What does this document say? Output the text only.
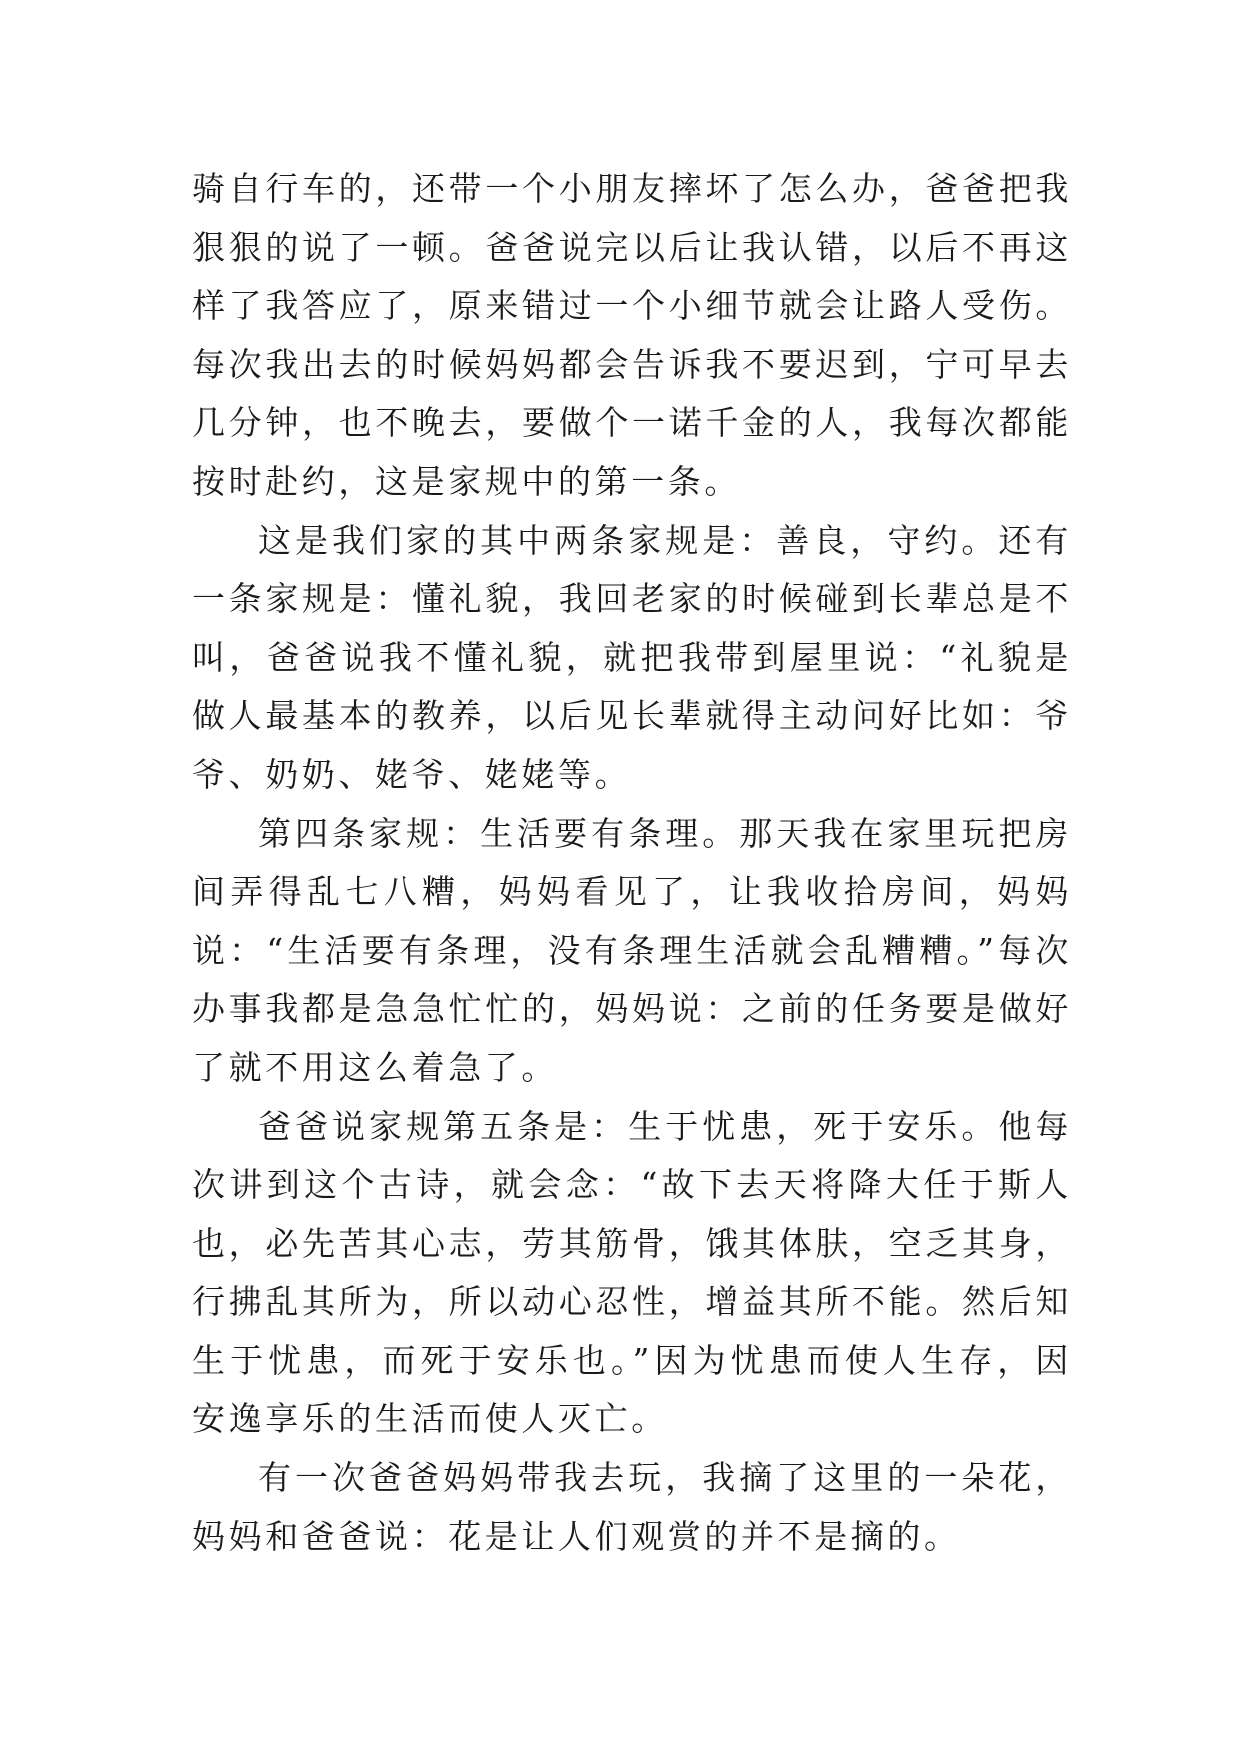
骑自行车的，还带一个小朋友摔坏了怎么办，爸爸把我狠狠的说了一顿。爸爸说完以后让我认错，以后不再这样了我答应了，原来错过一个小细节就会让路人受伤。每次我出去的时候妈妈都会告诉我不要迟到，宁可早去几分钟，也不晚去，要做个一诺千金的人，我每次都能按时赴约，这是家规中的第一条。

这是我们家的其中两条家规是：善良，守约。还有一条家规是：懂礼貌，我回老家的时候碰到长辈总是不叫，爸爸说我不懂礼貌，就把我带到屋里说：“礼貌是做人最基本的教养，以后见长辈就得主动问好比如：爷爷、奶奶、姥爷、姥姥等。

第四条家规：生活要有条理。那天我在家里玩把房间弄得乱七八糟，妈妈看见了，让我收拾房间，妈妈说：“生活要有条理，没有条理生活就会乱糟糟。”每次办事我都是急急忙忙的，妈妈说：之前的任务要是做好了就不用这么着急了。

爸爸说家规第五条是：生于忧患，死于安乐。他每次讲到这个古诗，就会念：“故下去天将降大任于斯人也，必先苦其心志，劳其筋骨，饿其体肤，空乏其身，行拂乱其所为，所以动心忍性，增益其所不能。然后知生于忧患，而死于安乐也。”因为忧患而使人生存，因安逸享乐的生活而使人灭亡。

有一次爸爸妈妈带我去玩，我摘了这里的一朵花，妈妈和爸爸说：花是让人们观赏的并不是摘的。
